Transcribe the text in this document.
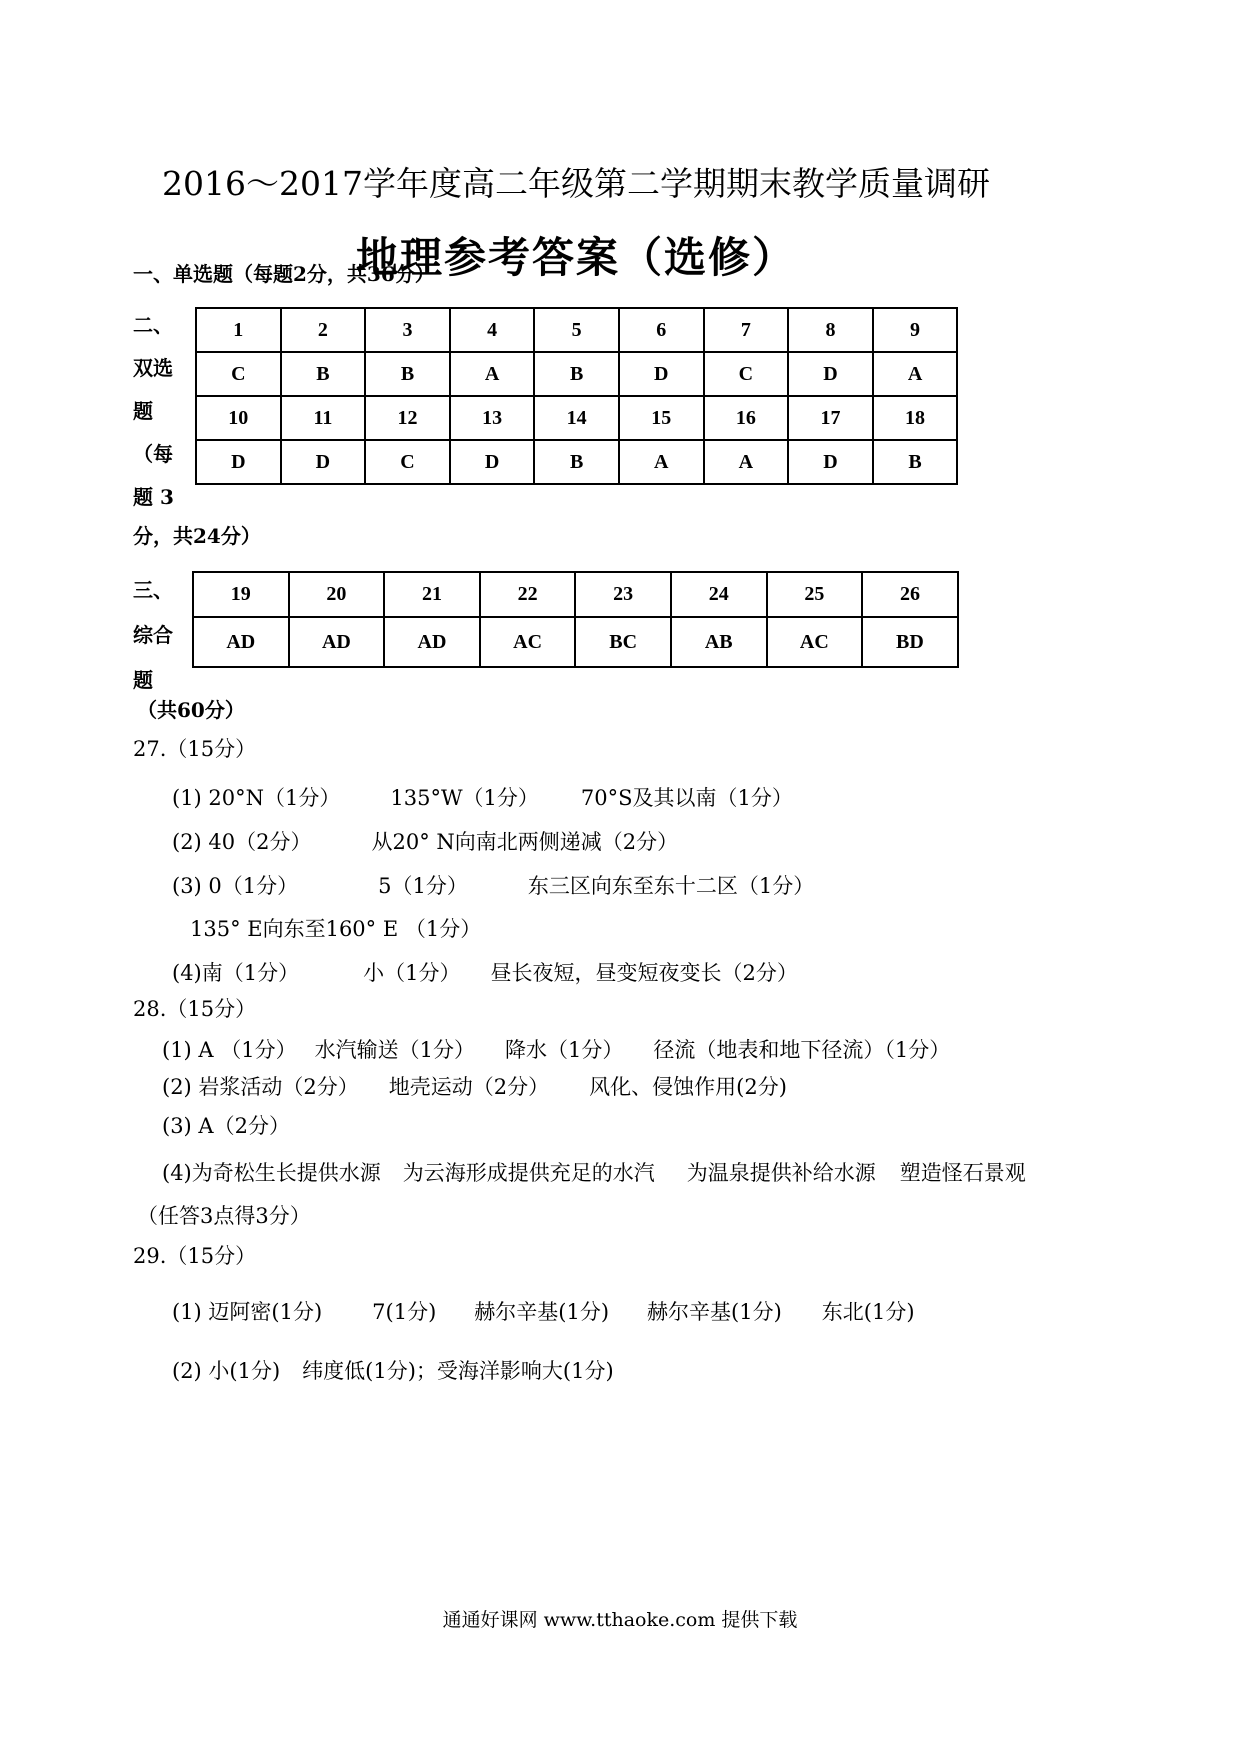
2016～2017学年度高二年级第二学期期末教学质量调研
地理参考答案（选修）
一、单选题（每题2分，共36分）
二、
双选
题
（每
题 3
分，共24分）
1	2	3	4	5	6	7	8	9
C	B	B	A	B	D	C	D	A
10	11	12	13	14	15	16	17	18
D	D	C	D	B	A	A	D	B
三、
综合
题
（共60分）
19	20	21	22	23	24	25	26
AD	AD	AD	AC	BC	AB	AC	BD
27.（15分）
(1) 20°N（1分） 135°W（1分） 70°S及其以南（1分）
(2) 40（2分）	从20° N向南北两侧递减（2分）
(3) 0（1分）	5（1分）	东三区向东至东十二区（1分）
135° E向东至160° E （1分）
(4)南（1分）	小（1分） 昼长夜短，昼变短夜变长（2分）
28.（15分）
(1) A （1分） 水汽输送（1分） 降水（1分） 径流（地表和地下径流）（1分）
(2) 岩浆活动（2分） 地壳运动（2分） 风化、侵蚀作用(2分)
(3) A（2分）
(4)为奇松生长提供水源 为云海形成提供充足的水汽 为温泉提供补给水源 塑造怪石景观
（任答3点得3分）
29.（15分）
(1) 迈阿密(1分) 7(1分) 赫尔辛基(1分) 赫尔辛基(1分) 东北(1分)
(2) 小(1分) 纬度低(1分)；受海洋影响大(1分)
通通好课网 www.tthaoke.com 提供下载
